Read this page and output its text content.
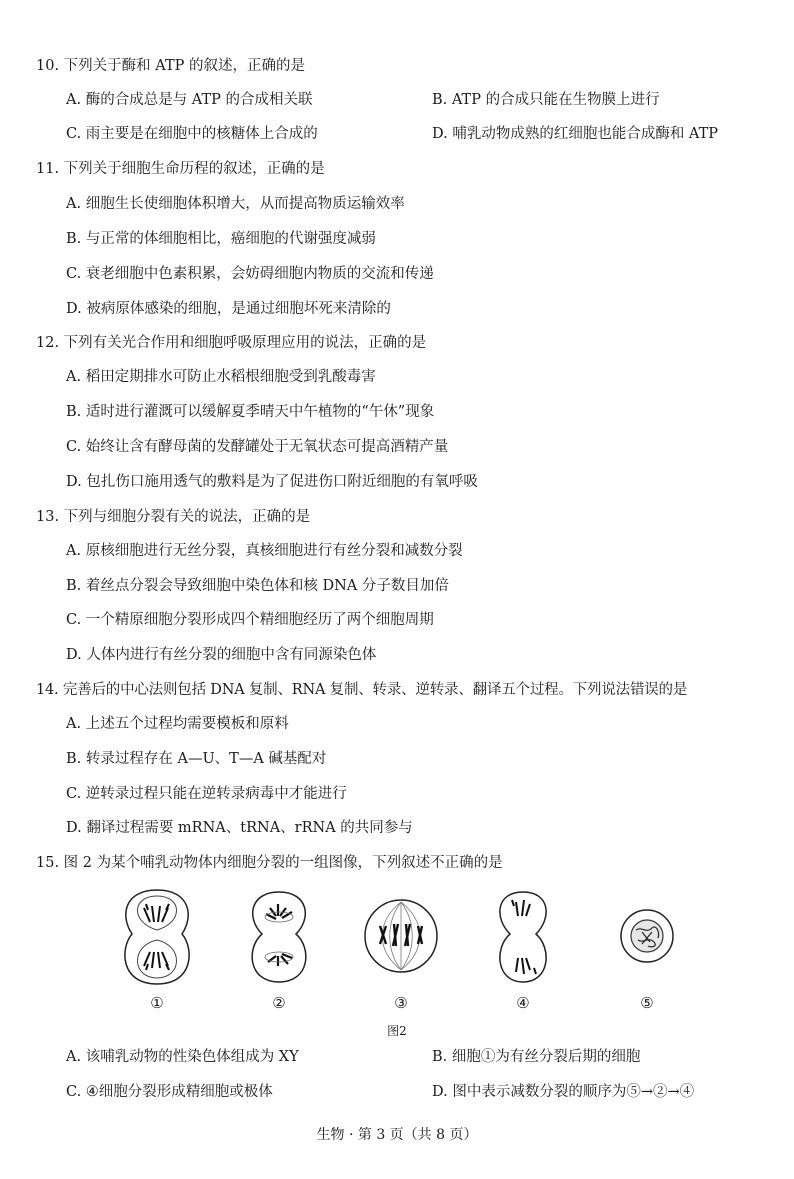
10. 下列关于酶和 ATP 的叙述，正确的是
A. 酶的合成总是与 ATP 的合成相关联	B. ATP 的合成只能在生物膜上进行
C. 雨主要是在细胞中的核糖体上合成的	D. 哺乳动物成熟的红细胞也能合成酶和 ATP
11. 下列关于细胞生命历程的叙述，正确的是
A. 细胞生长使细胞体积增大，从而提高物质运输效率
B. 与正常的体细胞相比，癌细胞的代谢强度减弱
C. 衰老细胞中色素积累，会妨碍细胞内物质的交流和传递
D. 被病原体感染的细胞，是通过细胞坏死来清除的
12. 下列有关光合作用和细胞呼吸原理应用的说法，正确的是
A. 稻田定期排水可防止水稻根细胞受到乳酸毒害
B. 适时进行灌溉可以缓解夏季晴天中午植物的“午休”现象
C. 始终让含有酵母菌的发酵罐处于无氧状态可提高酒精产量
D. 包扎伤口施用透气的敷料是为了促进伤口附近细胞的有氧呼吸
13. 下列与细胞分裂有关的说法，正确的是
A. 原核细胞进行无丝分裂，真核细胞进行有丝分裂和减数分裂
B. 着丝点分裂会导致细胞中染色体和核 DNA 分子数目加倍
C. 一个精原细胞分裂形成四个精细胞经历了两个细胞周期
D. 人体内进行有丝分裂的细胞中含有同源染色体
14. 完善后的中心法则包括 DNA 复制、RNA 复制、转录、逆转录、翻译五个过程。下列说法错误的是
A. 上述五个过程均需要模板和原料
B. 转录过程存在 A—U、T—A 碱基配对
C. 逆转录过程只能在逆转录病毒中才能进行
D. 翻译过程需要 mRNA、tRNA、rRNA 的共同参与
15. 图 2 为某个哺乳动物体内细胞分裂的一组图像，下列叙述不正确的是
①	②	③	④	⑤
图2
A. 该哺乳动物的性染色体组成为 XY	B. 细胞①为有丝分裂后期的细胞
C. ④细胞分裂形成精细胞或极体	D. 图中表示减数分裂的顺序为⑤→②→④
生物 · 第 3 页（共 8 页）
